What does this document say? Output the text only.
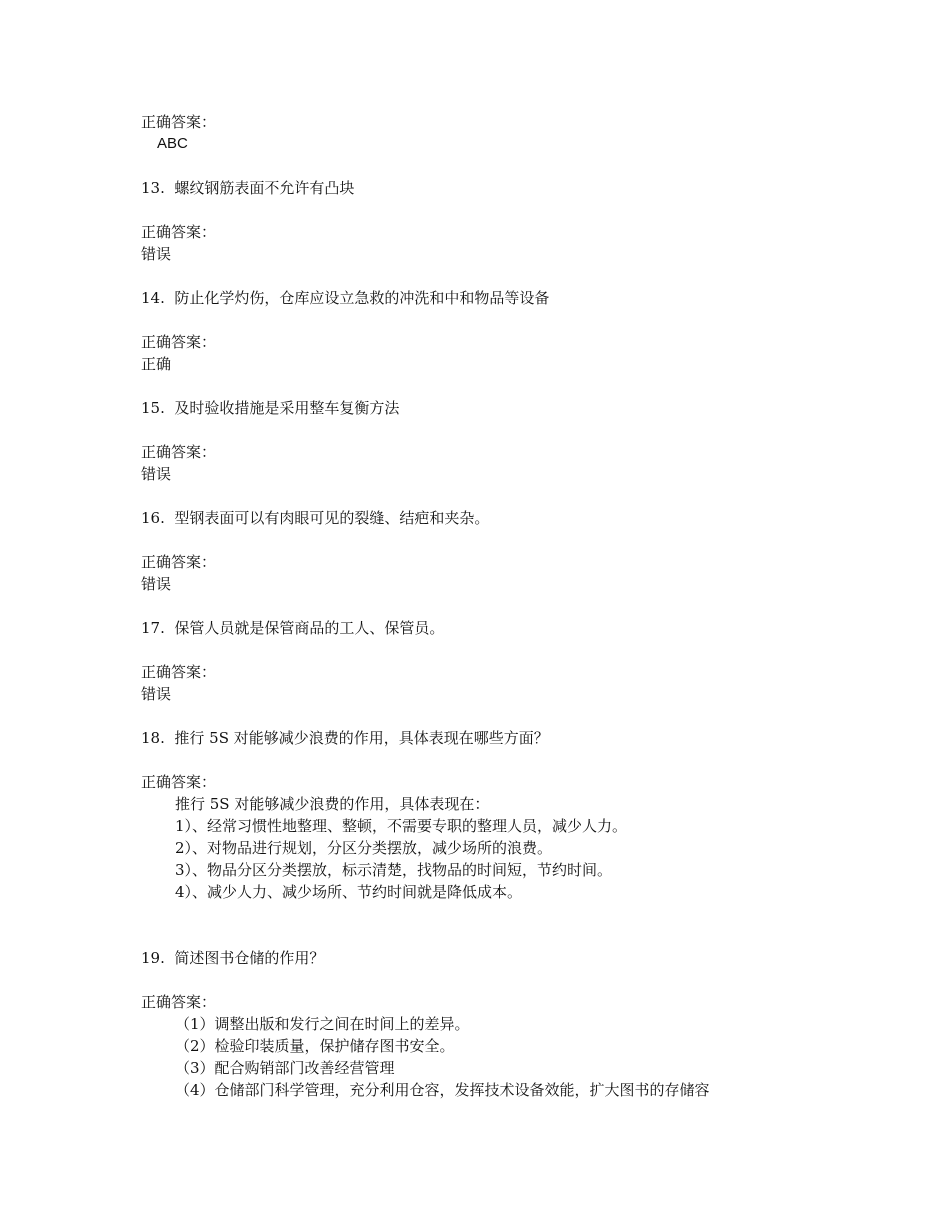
正确答案：
ABC
13. 螺纹钢筋表面不允许有凸块
正确答案：
错误
14. 防止化学灼伤，仓库应设立急救的冲洗和中和物品等设备
正确答案：
正确
15. 及时验收措施是采用整车复衡方法
正确答案：
错误
16. 型钢表面可以有肉眼可见的裂缝、结疤和夹杂。
正确答案：
错误
17. 保管人员就是保管商品的工人、保管员。
正确答案：
错误
18. 推行 5S 对能够减少浪费的作用，具体表现在哪些方面？
正确答案：
推行 5S 对能够减少浪费的作用，具体表现在：
1）、经常习惯性地整理、整顿，不需要专职的整理人员，减少人力。
2）、对物品进行规划，分区分类摆放，减少场所的浪费。
3）、物品分区分类摆放，标示清楚，找物品的时间短，节约时间。
4）、减少人力、减少场所、节约时间就是降低成本。
19. 简述图书仓储的作用？
正确答案：
（1）调整出版和发行之间在时间上的差异。
（2）检验印装质量，保护储存图书安全。
（3）配合购销部门改善经营管理
（4）仓储部门科学管理，充分利用仓容，发挥技术设备效能，扩大图书的存储容
